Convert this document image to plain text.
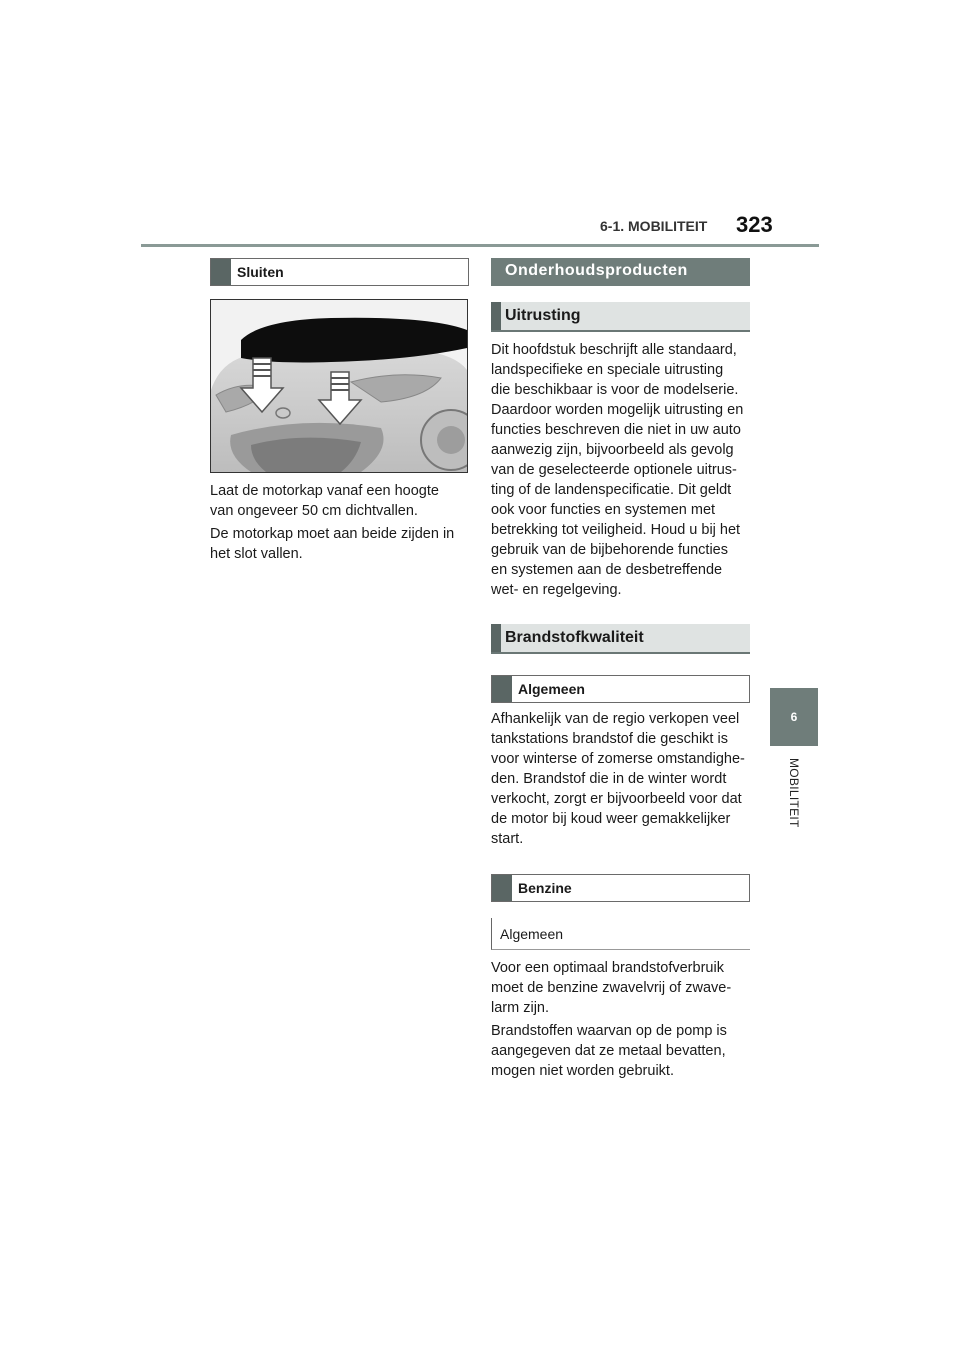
6-1. MOBILITEIT 323
6
MOBILITEIT
Sluiten
Laat de motorkap vanaf een hoogte
van ongeveer 50 cm dichtvallen.
De motorkap moet aan beide zijden in
het slot vallen.
Onderhoudsproducten
Uitrusting
Dit hoofdstuk beschrijft alle standaard,
landspecifieke en speciale uitrusting
die beschikbaar is voor de modelserie.
Daardoor worden mogelijk uitrusting en
functies beschreven die niet in uw auto
aanwezig zijn, bijvoorbeeld als gevolg
van de geselecteerde optionele uitrus-
ting of de landenspecificatie. Dit geldt
ook voor functies en systemen met
betrekking tot veiligheid. Houd u bij het
gebruik van de bijbehorende functies
en systemen aan de desbetreffende
wet- en regelgeving.
Brandstofkwaliteit
Algemeen
Afhankelijk van de regio verkopen veel
tankstations brandstof die geschikt is
voor winterse of zomerse omstandighe-
den. Brandstof die in de winter wordt
verkocht, zorgt er bijvoorbeeld voor dat
de motor bij koud weer gemakkelijker
start.
Benzine
Algemeen
Voor een optimaal brandstofverbruik
moet de benzine zwavelvrij of zwave-
larm zijn.
Brandstoffen waarvan op de pomp is
aangegeven dat ze metaal bevatten,
mogen niet worden gebruikt.
